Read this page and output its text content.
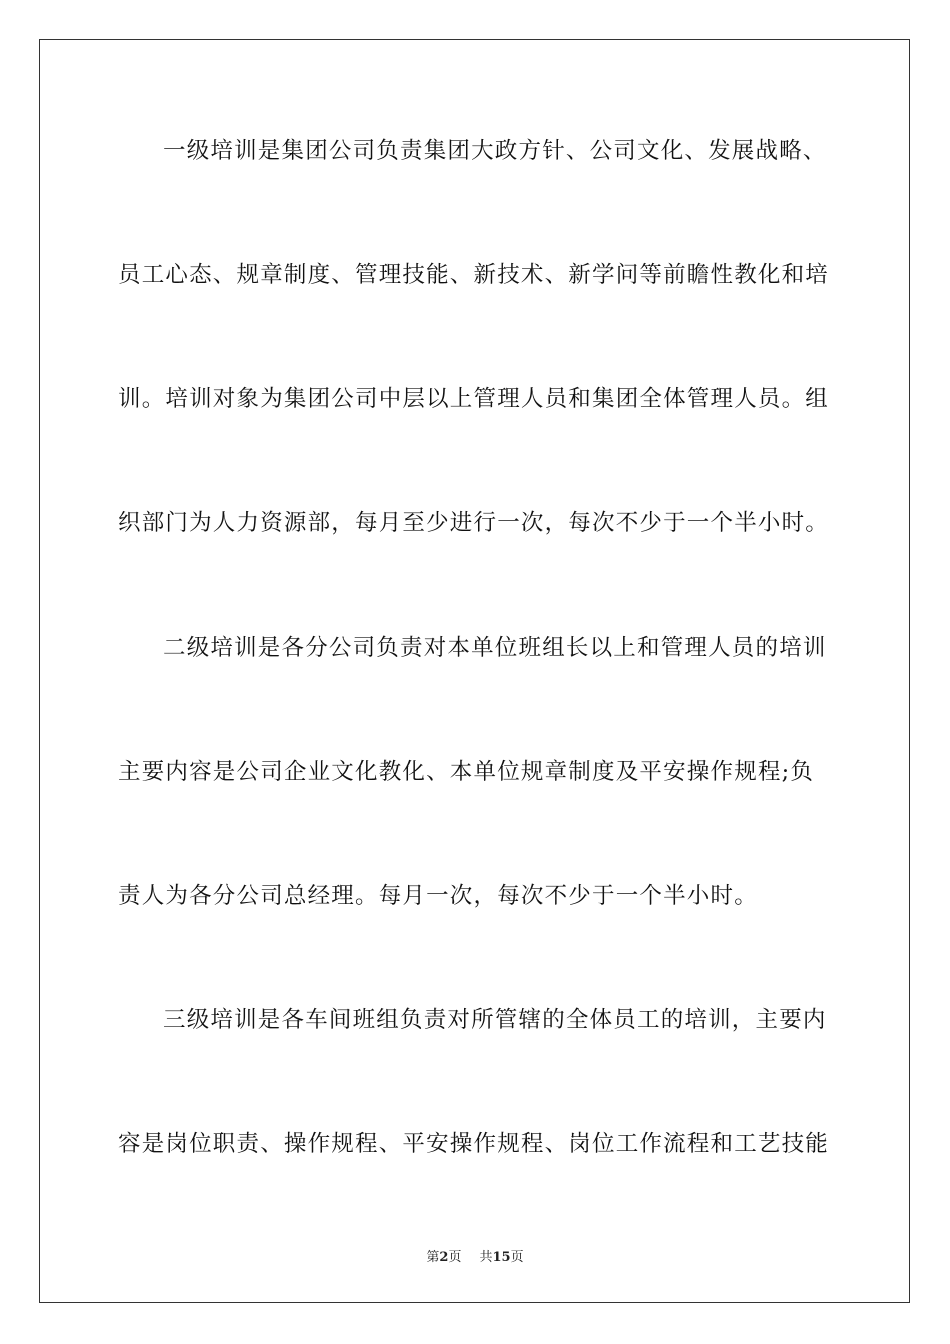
一级培训是集团公司负责集团大政方针、公司文化、发展战略、
员工心态、规章制度、管理技能、新技术、新学问等前瞻性教化和培
训。培训对象为集团公司中层以上管理人员和集团全体管理人员。组
织部门为人力资源部，每月至少进行一次，每次不少于一个半小时。
二级培训是各分公司负责对本单位班组长以上和管理人员的培训
主要内容是公司企业文化教化、本单位规章制度及平安操作规程;负
责人为各分公司总经理。每月一次，每次不少于一个半小时。
三级培训是各车间班组负责对所管辖的全体员工的培训，主要内
容是岗位职责、操作规程、平安操作规程、岗位工作流程和工艺技能
第2页 共15页
